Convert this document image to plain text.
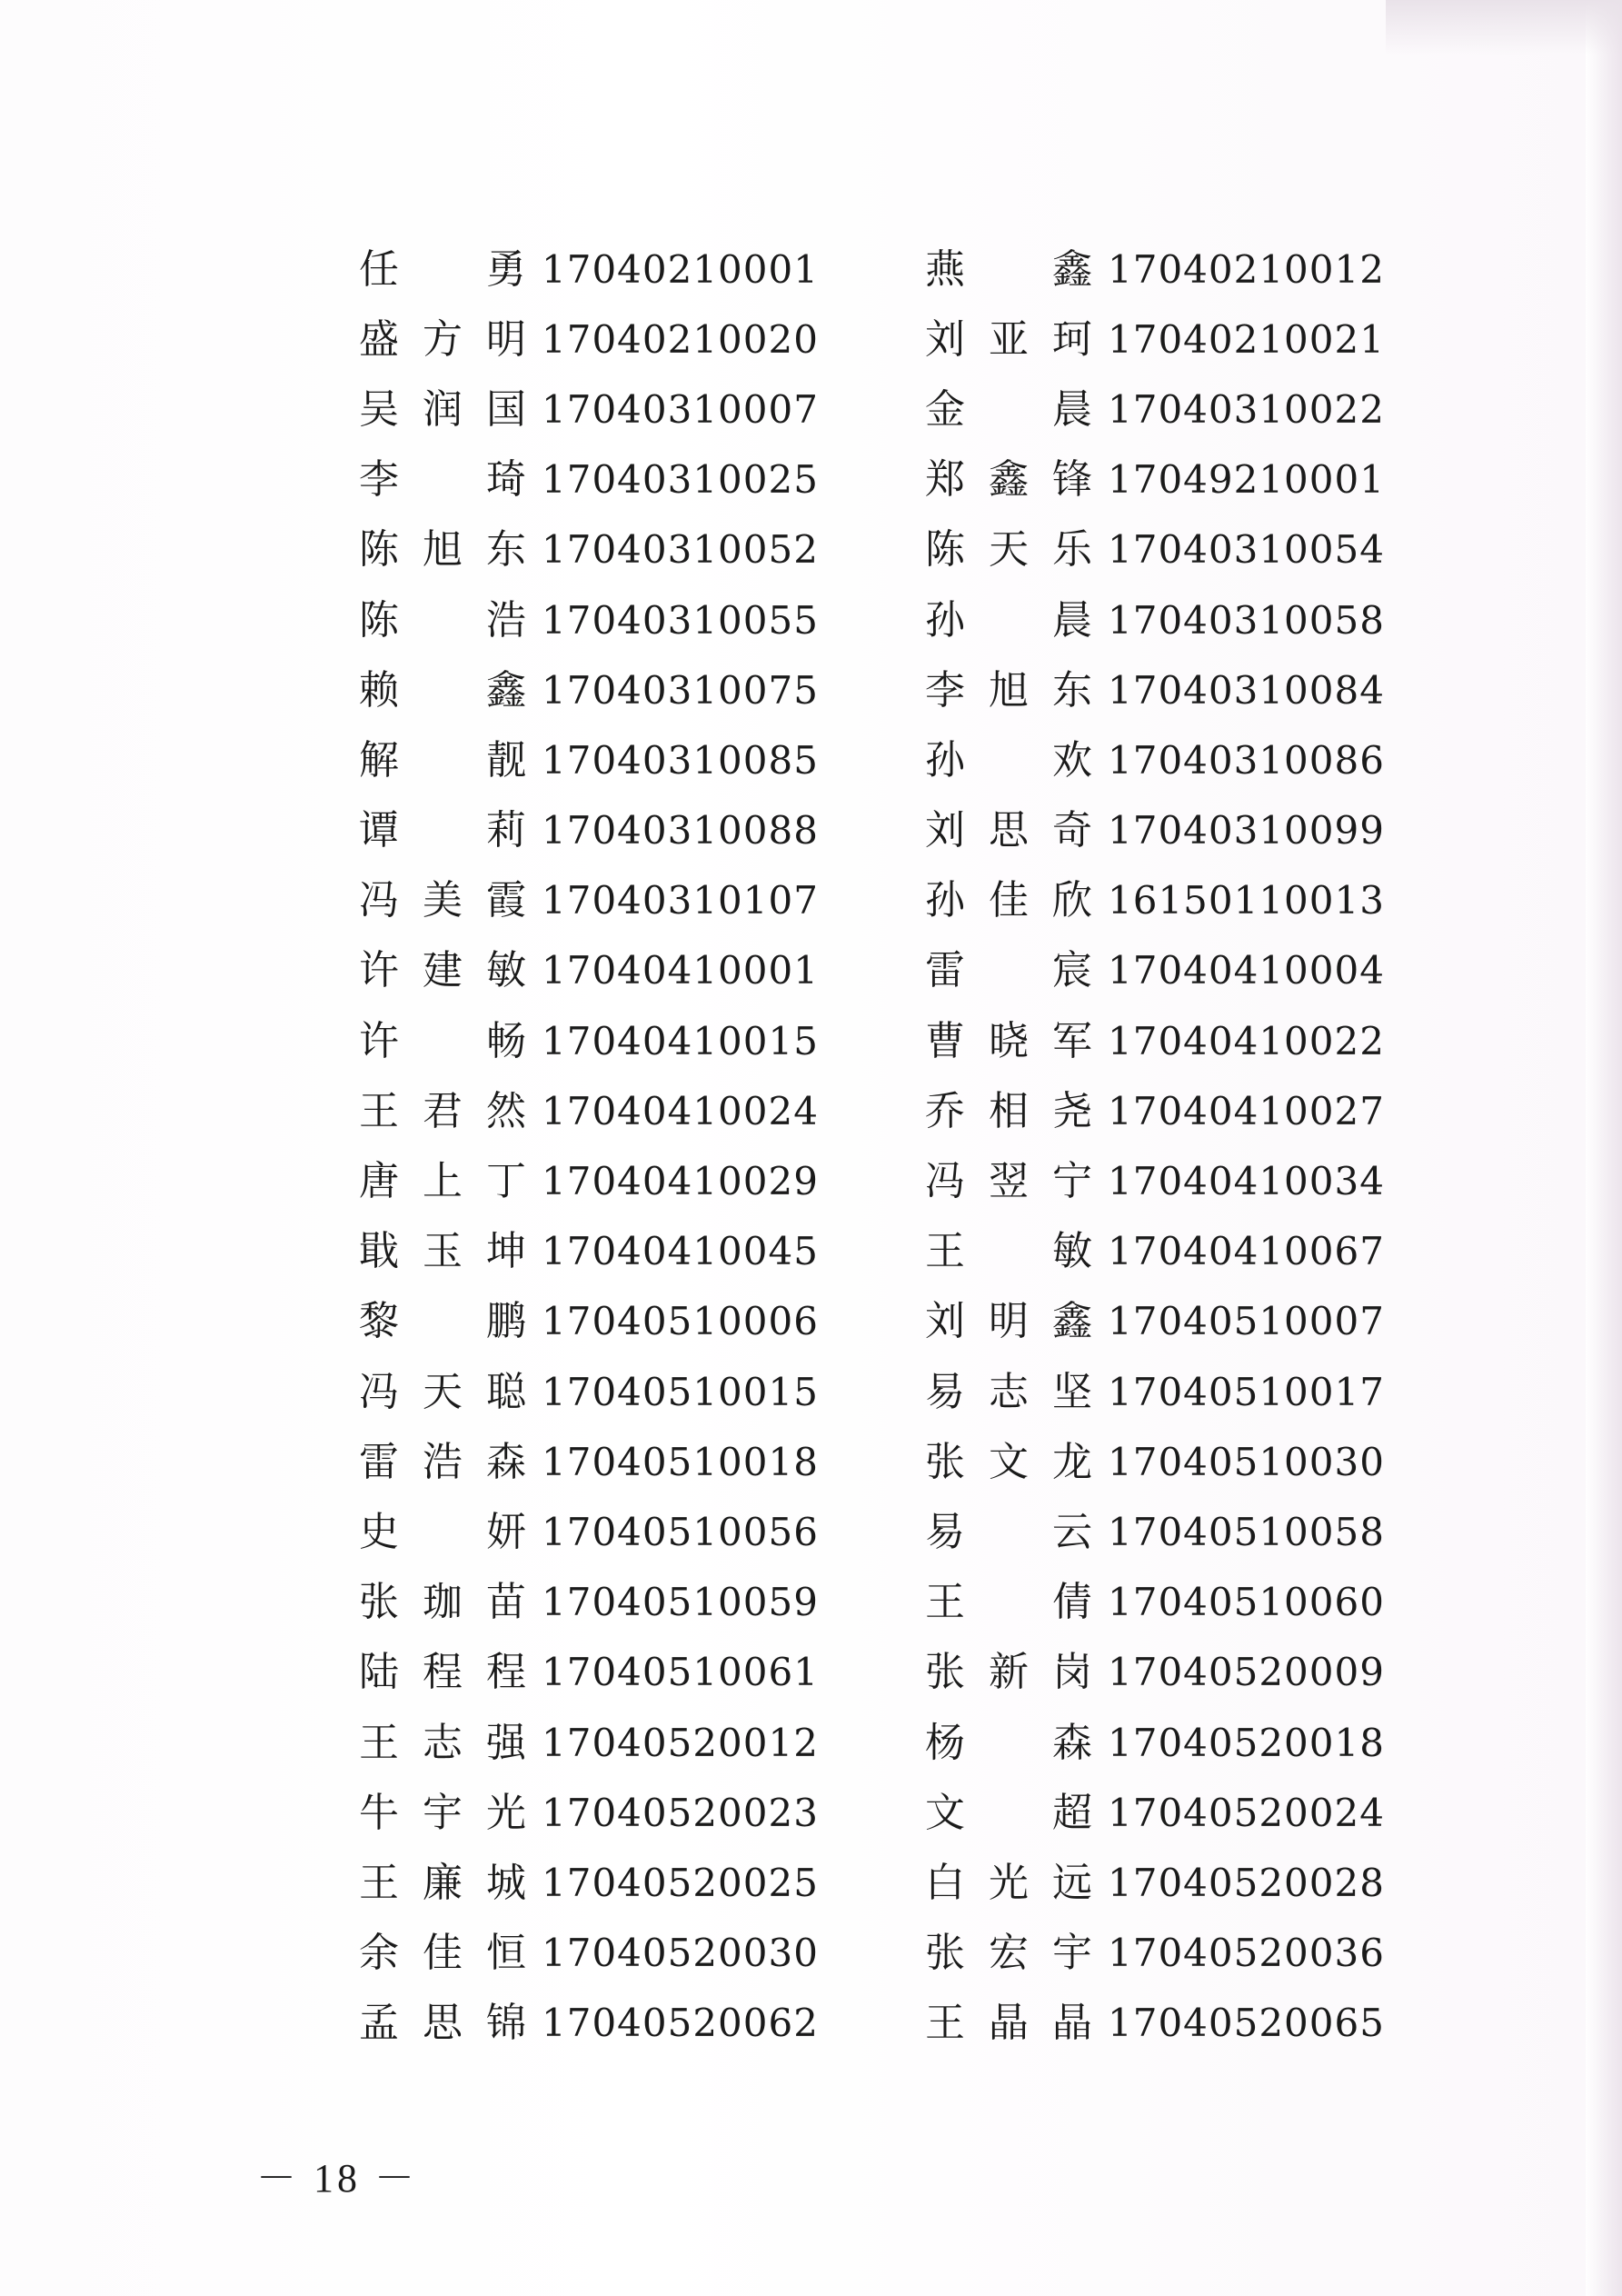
任 勇 17040210001
盛 方 明 17040210020
吴 润 国 17040310007
李 琦 17040310025
陈 旭 东 17040310052
陈 浩 17040310055
赖 鑫 17040310075
解 靓 17040310085
谭 莉 17040310088
冯 美 霞 17040310107
许 建 敏 17040410001
许 畅 17040410015
王 君 然 17040410024
唐 上 丁 17040410029
戢 玉 坤 17040410045
黎 鹏 17040510006
冯 天 聪 17040510015
雷 浩 森 17040510018
史 妍 17040510056
张 珈 苗 17040510059
陆 程 程 17040510061
王 志 强 17040520012
牛 宇 光 17040520023
王 廉 城 17040520025
余 佳 恒 17040520030
孟 思 锦 17040520062
燕 鑫 17040210012
刘 亚 珂 17040210021
金 晨 17040310022
郑 鑫 锋 17049210001
陈 天 乐 17040310054
孙 晨 17040310058
李 旭 东 17040310084
孙 欢 17040310086
刘 思 奇 17040310099
孙 佳 欣 16150110013
雷 宸 17040410004
曹 晓 军 17040410022
乔 相 尧 17040410027
冯 翌 宁 17040410034
王 敏 17040410067
刘 明 鑫 17040510007
易 志 坚 17040510017
张 文 龙 17040510030
易 云 17040510058
王 倩 17040510060
张 新 岗 17040520009
杨 森 17040520018
文 超 17040520024
白 光 远 17040520028
张 宏 宇 17040520036
王 晶 晶 17040520065
－ 18 －
